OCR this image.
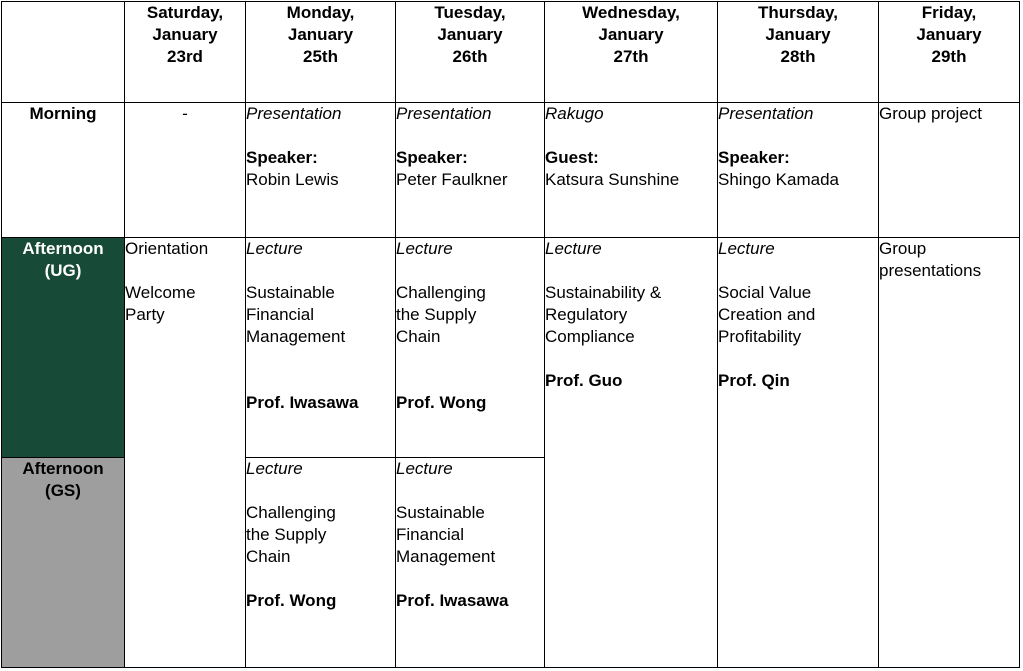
	Saturday,
January
23rd	Monday,
January
25th	Tuesday,
January
26th	Wednesday,
January
27th	Thursday,
January
28th	Friday,
January
29th

Morning	-	Presentation
Speaker:
Robin Lewis	Presentation
Speaker:
Peter Faulkner	Rakugo
Guest:
Katsura Sunshine	Presentation
Speaker:
Shingo Kamada	Group project

Afternoon
(UG)	Orientation
Welcome
Party	Lecture
Sustainable
Financial
Management
Prof. Iwasawa	Lecture
Challenging
the Supply
Chain
Prof. Wong	Lecture
Sustainability &
Regulatory
Compliance
Prof. Guo	Lecture
Social Value
Creation and
Profitability
Prof. Qin	Group
presentations

Afternoon
(GS)		Lecture
Challenging
the Supply
Chain
Prof. Wong	Lecture
Sustainable
Financial
Management
Prof. Iwasawa			
